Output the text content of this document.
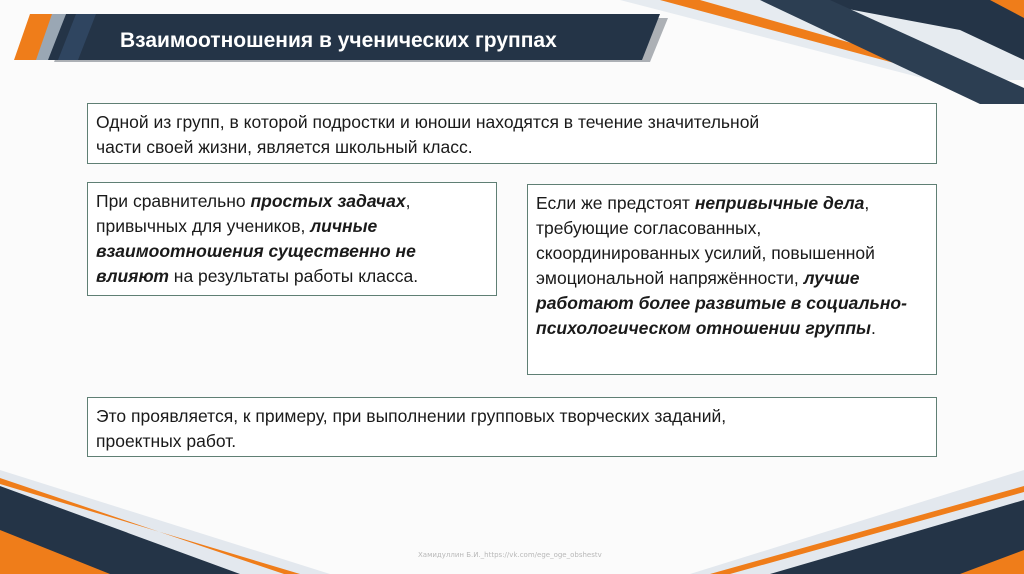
Взаимоотношения в ученических группах
Одной из групп, в которой подростки и юноши находятся в течение значительной
части своей жизни, является школьный класс.
При сравнительно простых задачах, привычных для учеников, личные взаимоотношения существенно не влияют на результаты работы класса.
Если же предстоят непривычные дела, требующие согласованных, скоординированных усилий, повышенной эмоциональной напряжённости, лучше работают более развитые в социально-психологическом отношении группы.
Это проявляется, к примеру, при выполнении групповых творческих заданий,
проектных работ.
Хамидуллин Б.И._https://vk.com/ege_oge_obshestv
